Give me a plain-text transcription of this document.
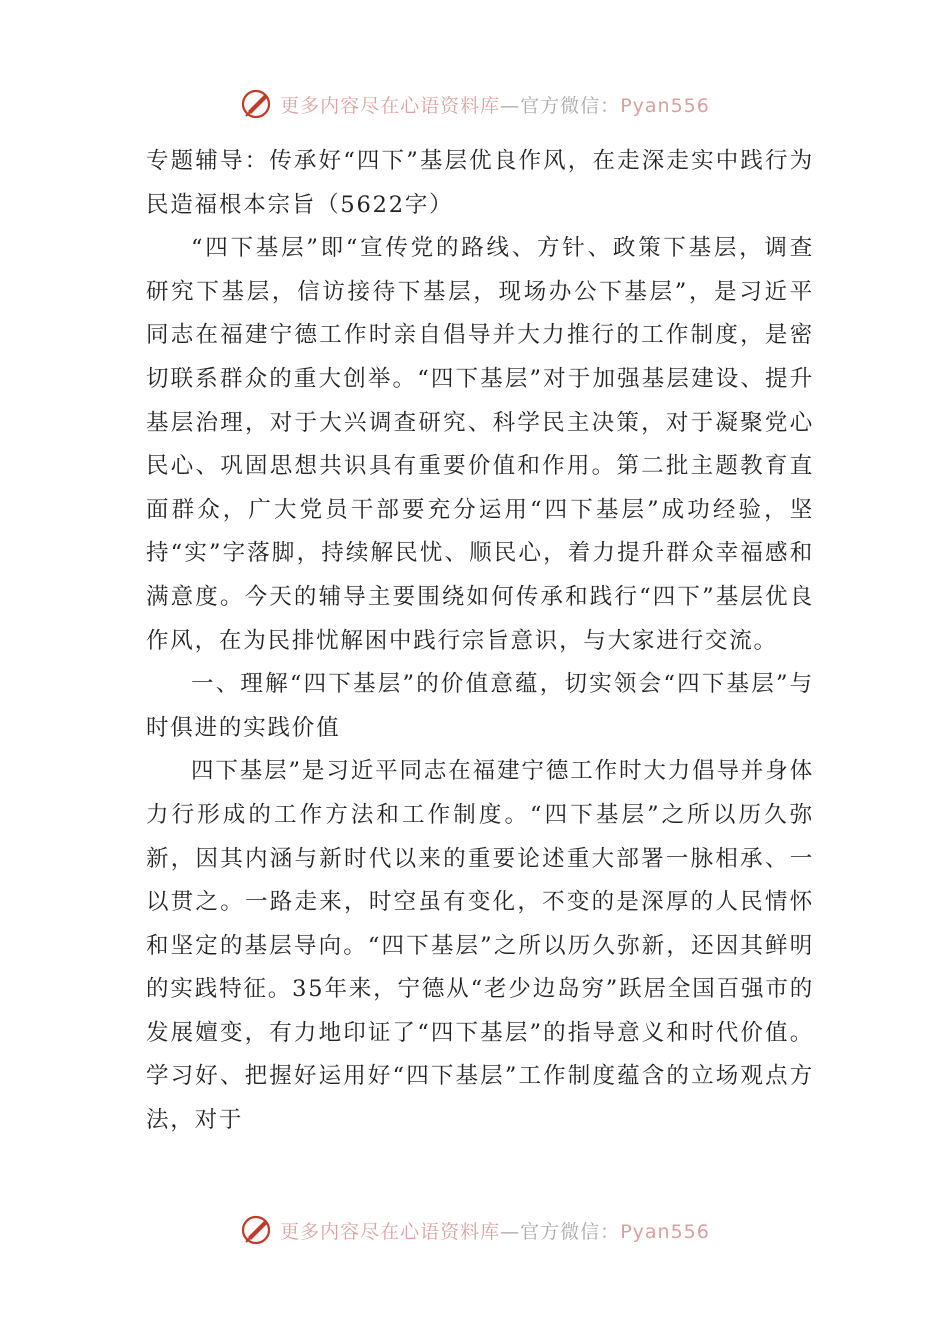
更多内容尽在心语资料库—官方微信：Pyan556

专题辅导：传承好“四下”基层优良作风，在走深走实中践行为民造福根本宗旨（5622字）

“四下基层”即“宣传党的路线、方针、政策下基层，调查研究下基层，信访接待下基层，现场办公下基层”，是习近平同志在福建宁德工作时亲自倡导并大力推行的工作制度，是密切联系群众的重大创举。“四下基层”对于加强基层建设、提升基层治理，对于大兴调查研究、科学民主决策，对于凝聚党心民心、巩固思想共识具有重要价值和作用。第二批主题教育直面群众，广大党员干部要充分运用“四下基层”成功经验，坚持“实”字落脚，持续解民忧、顺民心，着力提升群众幸福感和满意度。今天的辅导主要围绕如何传承和践行“四下”基层优良作风，在为民排忧解困中践行宗旨意识，与大家进行交流。

一、理解“四下基层”的价值意蕴，切实领会“四下基层”与时俱进的实践价值

四下基层”是习近平同志在福建宁德工作时大力倡导并身体力行形成的工作方法和工作制度。“四下基层”之所以历久弥新，因其内涵与新时代以来的重要论述重大部署一脉相承、一以贯之。一路走来，时空虽有变化，不变的是深厚的人民情怀和坚定的基层导向。“四下基层”之所以历久弥新，还因其鲜明的实践特征。35年来，宁德从“老少边岛穷”跃居全国百强市的发展嬗变，有力地印证了“四下基层”的指导意义和时代价值。学习好、把握好运用好“四下基层”工作制度蕴含的立场观点方法，对于

更多内容尽在心语资料库—官方微信：Pyan556
